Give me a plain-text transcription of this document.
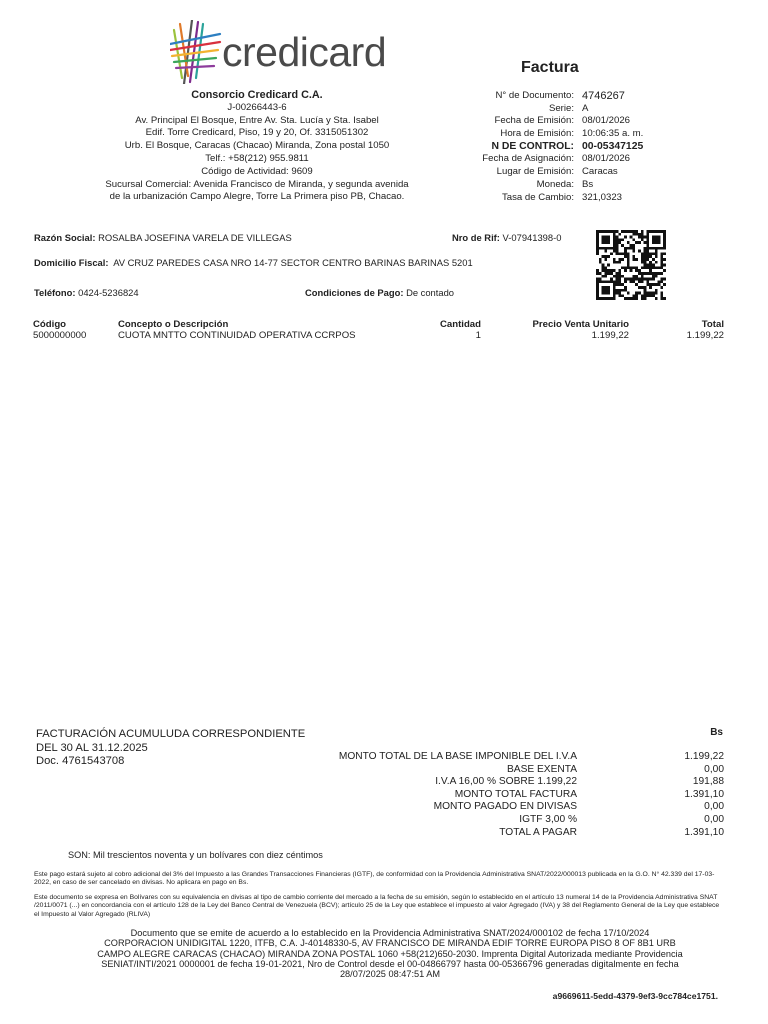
credicard	Factura
Consorcio Credicard C.A.
J-00266443-6
Av. Principal El Bosque, Entre Av. Sta. Lucía y Sta. Isabel
Edif. Torre Credicard, Piso, 19 y 20, Of. 3315051302
Urb. El Bosque, Caracas (Chacao) Miranda, Zona postal 1050
Telf.: +58(212) 955.9811
Código de Actividad: 9609
Sucursal Comercial: Avenida Francisco de Miranda, y segunda avenida
de la urbanización Campo Alegre, Torre La Primera piso PB, Chacao.
N° de Documento: 4746267
Serie: A
Fecha de Emisión: 08/01/2026
Hora de Emisión: 10:06:35 a. m.
N DE CONTROL: 00-05347125
Fecha de Asignación: 08/01/2026
Lugar de Emisión: Caracas
Moneda: Bs
Tasa de Cambio: 321,0323
Razón Social: ROSALBA JOSEFINA VARELA DE VILLEGAS	Nro de Rif: V-07941398-0
Domicilio Fiscal: AV CRUZ PAREDES CASA NRO 14-77 SECTOR CENTRO BARINAS BARINAS 5201
Teléfono: 0424-5236824	Condiciones de Pago: De contado
Código	Concepto o Descripción	Cantidad	Precio Venta Unitario	Total
5000000000	CUOTA MNTTO CONTINUIDAD OPERATIVA CCRPOS	1	1.199,22	1.199,22
FACTURACIÓN ACUMULUDA CORRESPONDIENTE
DEL 30 AL 31.12.2025
Doc. 4761543708
Bs
MONTO TOTAL DE LA BASE IMPONIBLE DEL I.V.A	1.199,22
BASE EXENTA	0,00
I.V.A 16,00 % SOBRE 1.199,22	191,88
MONTO TOTAL FACTURA	1.391,10
MONTO PAGADO EN DIVISAS	0,00
IGTF 3,00 %	0,00
TOTAL A PAGAR	1.391,10
SON: Mil trescientos noventa y un bolívares con diez céntimos
Este pago estará sujeto al cobro adicional del 3% del Impuesto a las Grandes Transacciones Financieras (IGTF), de conformidad con la Providencia Administrativa SNAT/2022/000013 publicada en la G.O. N° 42.339 del 17-03-2022, en caso de ser cancelado en divisas. No aplicara en pago en Bs.
Este documento se expresa en Bolívares con su equivalencia en divisas al tipo de cambio corriente del mercado a la fecha de su emisión, según lo establecido en el artículo 13 numeral 14 de la Providencia Administrativa SNAT /2011/0071 (...) en concordancia con el artículo 128 de la Ley del Banco Central de Venezuela (BCV); artículo 25 de la Ley que establece el impuesto al valor Agregado (IVA) y 38 del Reglamento General de la Ley que establece el Impuesto al Valor Agregado (RLIVA)
Documento que se emite de acuerdo a lo establecido en la Providencia Administrativa SNAT/2024/000102 de fecha 17/10/2024
CORPORACION UNIDIGITAL 1220, ITFB, C.A. J-40148330-5, AV FRANCISCO DE MIRANDA EDIF TORRE EUROPA PISO 8 OF 8B1 URB
CAMPO ALEGRE CARACAS (CHACAO) MIRANDA ZONA POSTAL 1060 +58(212)650-2030. Imprenta Digital Autorizada mediante Providencia
SENIAT/INTI/2021 0000001 de fecha 19-01-2021, Nro de Control desde el 00-04866797 hasta 00-05366796 generadas digitalmente en fecha
28/07/2025 08:47:51 AM
a9669611-5edd-4379-9ef3-9cc784ce1751.
